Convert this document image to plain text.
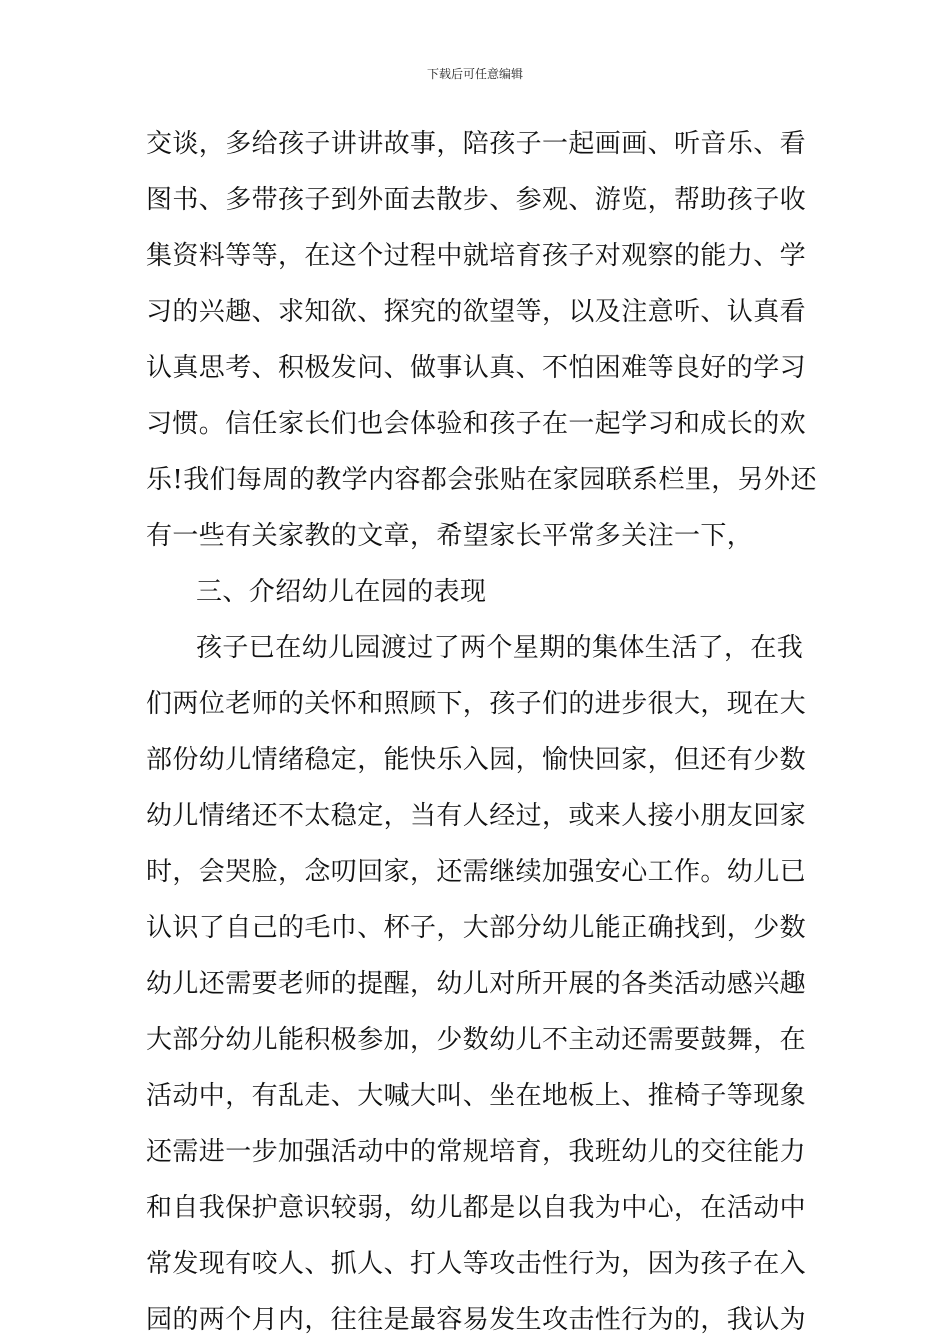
下载后可任意编辑
交谈，多给孩子讲讲故事，陪孩子一起画画、听音乐、看
图书、多带孩子到外面去散步、参观、游览，帮助孩子收
集资料等等，在这个过程中就培育孩子对观察的能力、学
习的兴趣、求知欲、探究的欲望等，以及注意听、认真看
认真思考、积极发问、做事认真、不怕困难等良好的学习
习惯。信任家长们也会体验和孩子在一起学习和成长的欢
乐!我们每周的教学内容都会张贴在家园联系栏里，另外还
有一些有关家教的文章，希望家长平常多关注一下，
三、介绍幼儿在园的表现
孩子已在幼儿园渡过了两个星期的集体生活了，在我
们两位老师的关怀和照顾下，孩子们的进步很大，现在大
部份幼儿情绪稳定，能快乐入园，愉快回家，但还有少数
幼儿情绪还不太稳定，当有人经过，或来人接小朋友回家
时，会哭脸，念叨回家，还需继续加强安心工作。幼儿已
认识了自己的毛巾、杯子，大部分幼儿能正确找到，少数
幼儿还需要老师的提醒，幼儿对所开展的各类活动感兴趣
大部分幼儿能积极参加，少数幼儿不主动还需要鼓舞，在
活动中，有乱走、大喊大叫、坐在地板上、推椅子等现象
还需进一步加强活动中的常规培育，我班幼儿的交往能力
和自我保护意识较弱，幼儿都是以自我为中心，在活动中
常发现有咬人、抓人、打人等攻击性行为，因为孩子在入
园的两个月内，往往是最容易发生攻击性行为的，我认为
